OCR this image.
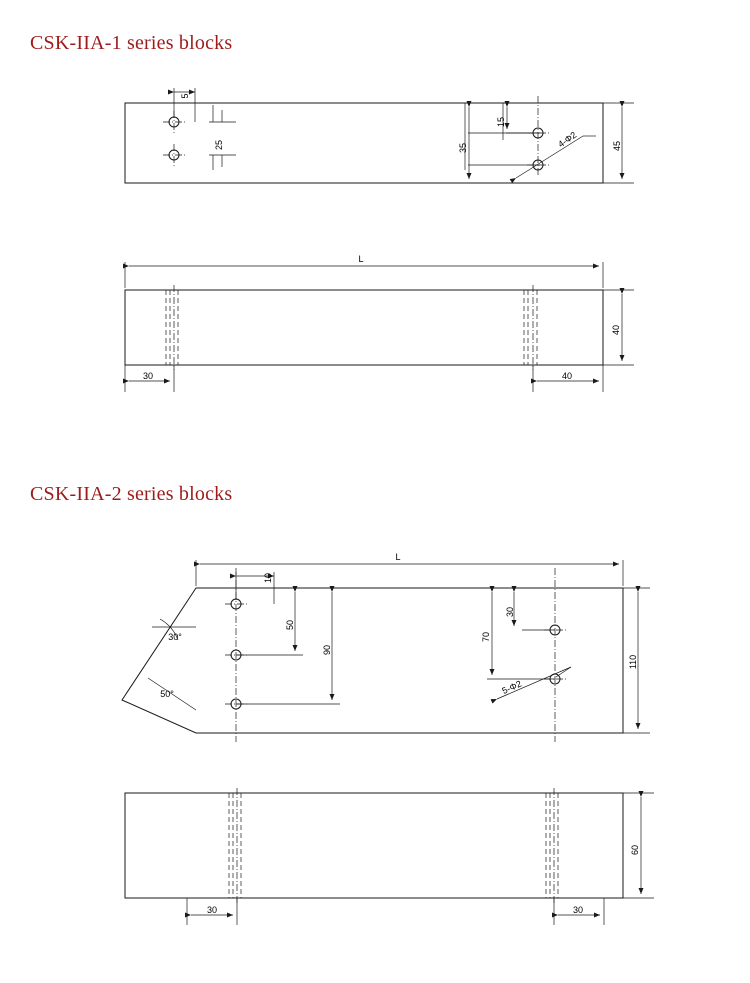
CSK-IIA-1 series blocks
CSK-IIA-2 series blocks
5
25	35
15
45
4-Φ2
L
30	40
40
L
10
50
90
30
70
110
30°
50°	5-Φ2
30	30
60
